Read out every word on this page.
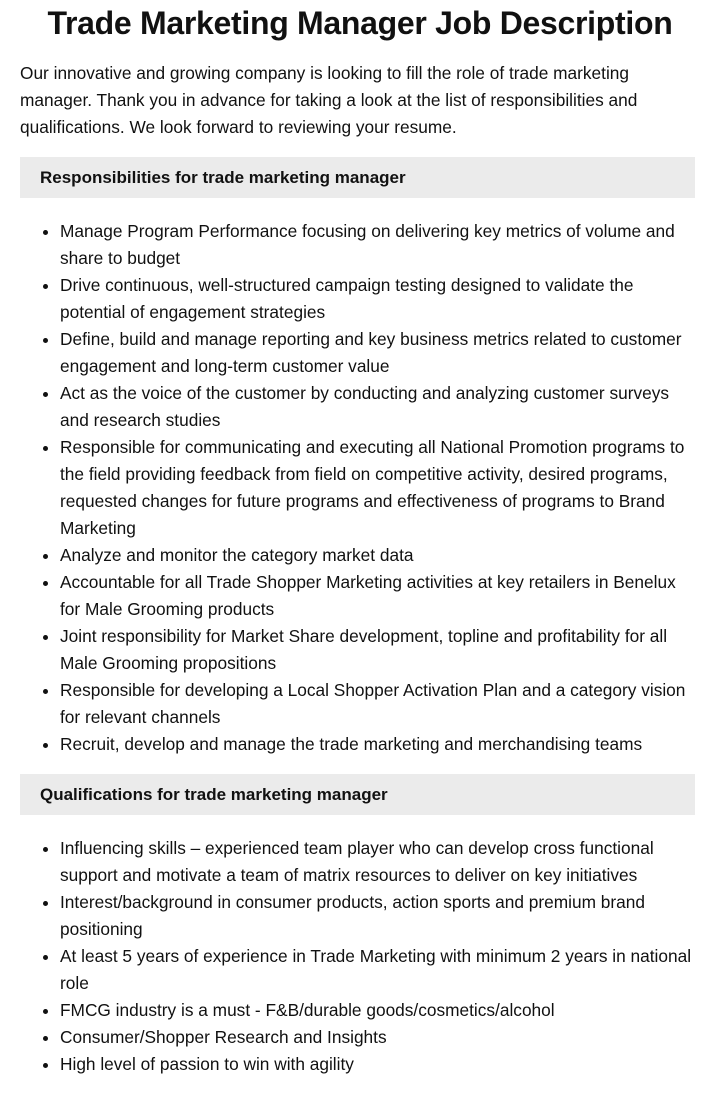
Trade Marketing Manager Job Description

Our innovative and growing company is looking to fill the role of trade marketing manager. Thank you in advance for taking a look at the list of responsibilities and qualifications. We look forward to reviewing your resume.

Responsibilities for trade marketing manager
• Manage Program Performance focusing on delivering key metrics of volume and share to budget
• Drive continuous, well-structured campaign testing designed to validate the potential of engagement strategies
• Define, build and manage reporting and key business metrics related to customer engagement and long-term customer value
• Act as the voice of the customer by conducting and analyzing customer surveys and research studies
• Responsible for communicating and executing all National Promotion programs to the field providing feedback from field on competitive activity, desired programs, requested changes for future programs and effectiveness of programs to Brand Marketing
• Analyze and monitor the category market data
• Accountable for all Trade Shopper Marketing activities at key retailers in Benelux for Male Grooming products
• Joint responsibility for Market Share development, topline and profitability for all Male Grooming propositions
• Responsible for developing a Local Shopper Activation Plan and a category vision for relevant channels
• Recruit, develop and manage the trade marketing and merchandising teams
Qualifications for trade marketing manager
• Influencing skills – experienced team player who can develop cross functional support and motivate a team of matrix resources to deliver on key initiatives
• Interest/background in consumer products, action sports and premium brand positioning
• At least 5 years of experience in Trade Marketing with minimum 2 years in national role
• FMCG industry is a must - F&B/durable goods/cosmetics/alcohol
• Consumer/Shopper Research and Insights
• High level of passion to win with agility
